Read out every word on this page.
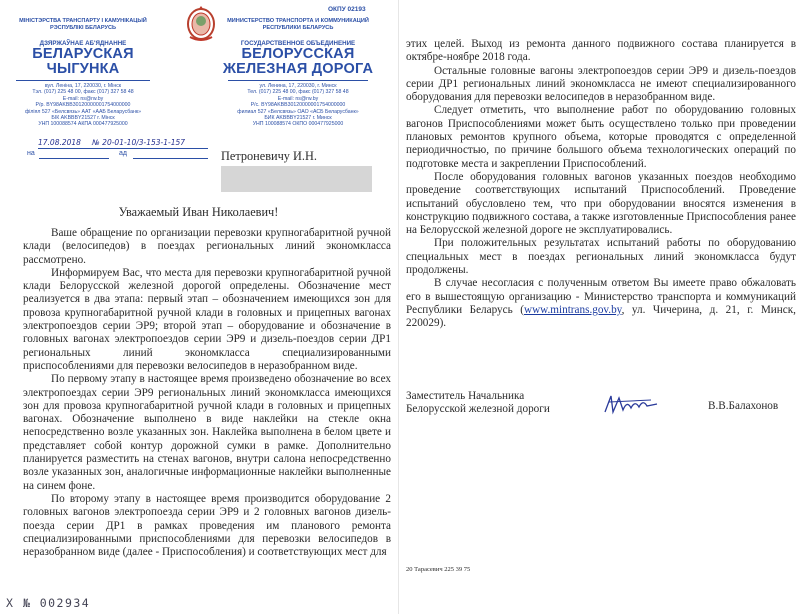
ОКПУ 02193
МІНІСТЭРСТВА ТРАНСПАРТУ І КАМУНІКАЦЫЙ РЭСПУБЛІКІ БЕЛАРУСЬ
ДЗЯРЖАЎНАЕ АБ'ЯДНАННЕ
БЕЛАРУСКАЯ
ЧЫГУНКА
вул. Леніна, 17, 220030, г. Мінск
Тэл. (017) 225 48 00, факс (017) 327 58 48
E-mail: ns@rw.by
Р/р. BY98AKBB30120000001754000000
філіял 527 «Белсвязь» ААТ «ААБ Беларусбанк»
БІК AKBBBY21527 г. Мінск
УНП 100088574 АКПА 000477925000
МИНИСТЕРСТВО ТРАНСПОРТА И КОММУНИКАЦИЙ РЕСПУБЛИКИ БЕЛАРУСЬ
ГОСУДАРСТВЕННОЕ ОБЪЕДИНЕНИЕ
БЕЛОРУССКАЯ
ЖЕЛЕЗНАЯ ДОРОГА
ул. Ленина, 17, 220030, г. Минск
Тел. (017) 225 48 00, факс (017) 327 58 48
E-mail: ns@rw.by
Р/с. BY98AKBB30120000001754000000
филиал 527 «Белсвязь» ОАО «АСБ Беларусбанк»
БИК AKBBBY21527 г. Минск
УНП 100088574 ОКПО 000477925000
17.08.2018 № 20-01-10/3-153-1-157
на	ад	Петроневичу И.Н.
Уважаемый Иван Николаевич!

Ваше обращение по организации перевозки крупногабаритной ручной клади (велосипедов) в поездах региональных линий экономкласса рассмотрено.

Информируем Вас, что места для перевозки крупногабаритной ручной клади Белорусской железной дорогой определены. Обозначение мест реализуется в два этапа: первый этап – обозначением имеющихся зон для провоза крупногабаритной ручной клади в головных и прицепных вагонах электропоездов серии ЭР9; второй этап – оборудование и обозначение в головных вагонах электропоездов серии ЭР9 и дизель-поездов серии ДР1 региональных линий экономкласса специализированными приспособлениями для перевозки велосипедов в неразобранном виде.

По первому этапу в настоящее время произведено обозначение во всех электропоездах серии ЭР9 региональных линий экономкласса имеющихся зон для провоза крупногабаритной ручной клади в головных и прицепных вагонах. Обозначение выполнено в виде наклейки на стекле окна непосредственно возле указанных зон. Наклейка выполнена в белом цвете и представляет собой контур дорожной сумки в рамке. Дополнительно планируется разместить на стенах вагонов, внутри салона непосредственно возле указанных зон, аналогичные информационные наклейки выполненные на синем фоне.

По второму этапу в настоящее время производится оборудование 2 головных вагонов электропоезда серии ЭР9 и 2 головных вагонов дизель-поезда серии ДР1 в рамках проведения им планового ремонта специализированными приспособлениями для перевозки велосипедов в неразобранном виде (далее - Приспособления) и соответствующих мест для

X № 002934

этих целей. Выход из ремонта данного подвижного состава планируется в октябре-ноябре 2018 года.

Остальные головные вагоны электропоездов серии ЭР9 и дизель-поездов серии ДР1 региональных линий экономкласса не имеют специализированного оборудования для перевозки велосипедов в неразобранном виде.

Следует отметить, что выполнение работ по оборудованию головных вагонов Приспособлениями может быть осуществлено только при проведении плановых ремонтов крупного объема, которые проводятся с определенной периодичностью, по причине большого объема технологических операций по подготовке места и закреплении Приспособлений.

После оборудования головных вагонов указанных поездов необходимо проведение соответствующих испытаний Приспособлений. Проведение испытаний обусловлено тем, что при оборудовании вносятся изменения в конструкцию подвижного состава, а также изготовленные Приспособления ранее на Белорусской железной дороге не эксплуатировались.

При положительных результатах испытаний работы по оборудованию специальных мест в поездах региональных линий экономкласса будут продолжены.

В случае несогласия с полученным ответом Вы имеете право обжаловать его в вышестоящую организацию - Министерство транспорта и коммуникаций Республики Беларусь (www.mintrans.gov.by, ул. Чичерина, д. 21, г. Минск, 220029).

Заместитель Начальника
Белорусской железной дороги	В.В.Балахонов
20 Тарасевич 225 39 75
